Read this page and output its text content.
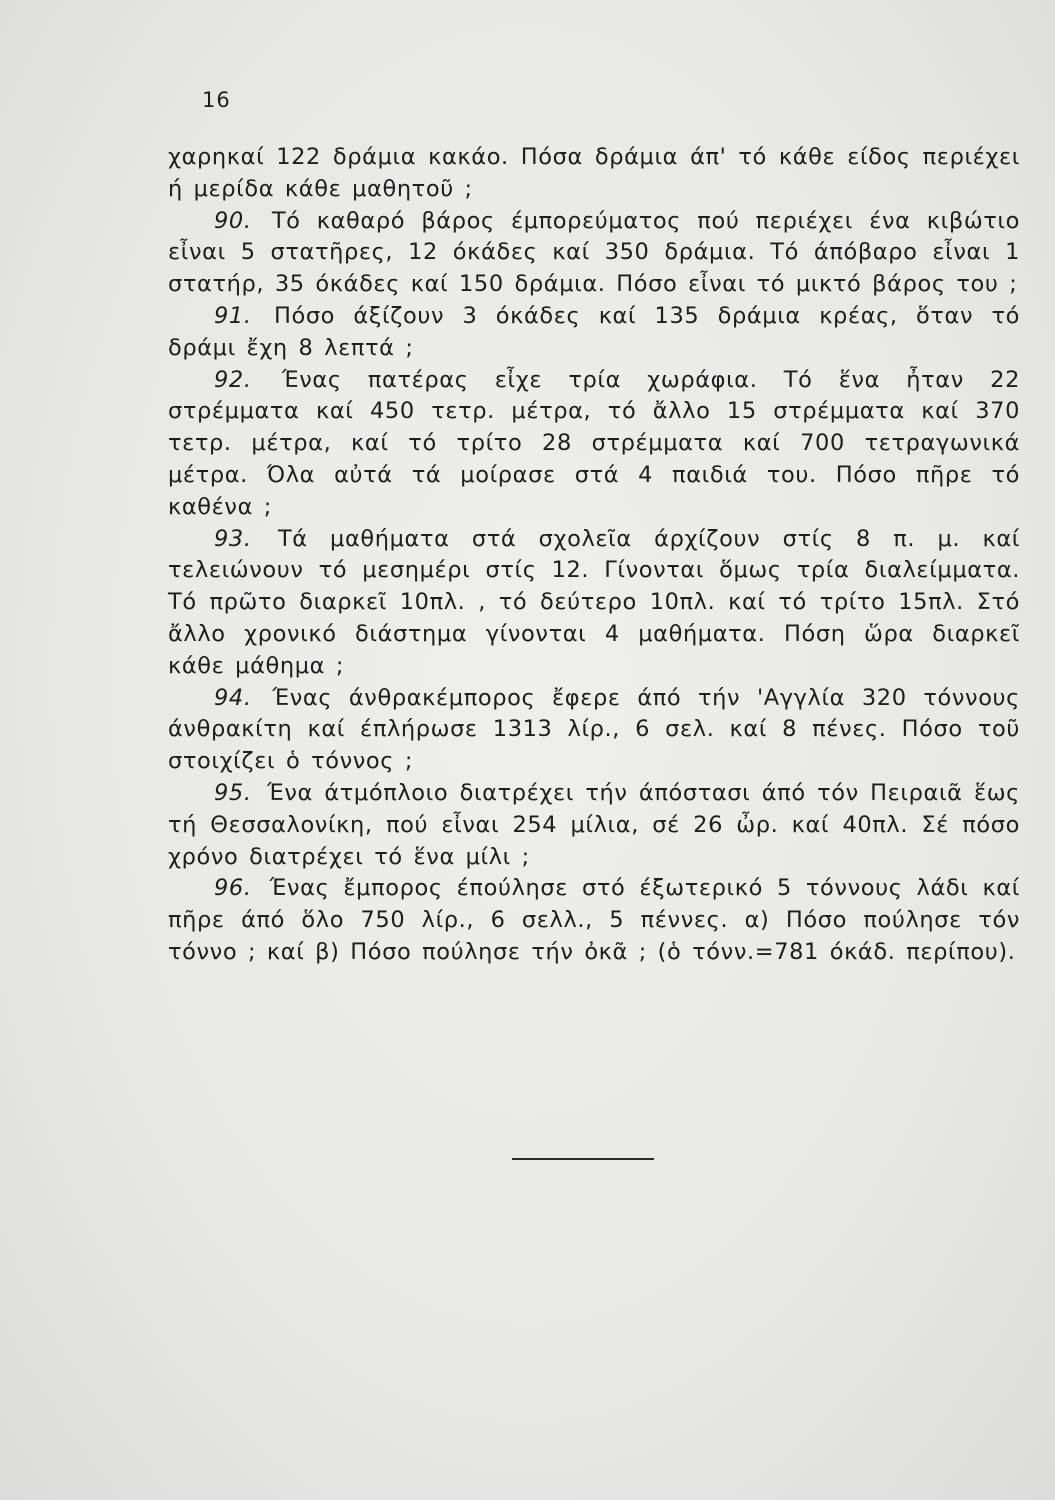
16

χαρηκαί 122 δράμια κακάο. Πόσα δράμια άπ' τό κάθε είδος περιέχει ή μερίδα κάθε μαθητοῦ ;

90. Τό καθαρό βάρος έμπορεύματος πού περιέχει ένα κιβώτιο εἶναι 5 στατῆρες, 12 όκάδες καί 350 δράμια. Τό άπόβαρο εἶναι 1 στατήρ, 35 όκάδες καί 150 δράμια. Πόσο εἶναι τό μικτό βάρος του ;

91. Πόσο άξίζουν 3 όκάδες καί 135 δράμια κρέας, ὅταν τό δράμι ἔχη 8 λεπτά ;

92. Ένας πατέρας εἶχε τρία χωράφια. Τό ἕνα ἦταν 22 στρέμματα καί 450 τετρ. μέτρα, τό ἄλλο 15 στρέμματα καί 370 τετρ. μέτρα, καί τό τρίτο 28 στρέμματα καί 700 τετραγωνικά μέτρα. Όλα αὐτά τά μοίρασε στά 4 παιδιά του. Πόσο πῆρε τό καθένα ;

93. Τά μαθήματα στά σχολεῖα άρχίζουν στίς 8 π. μ. καί τελειώνουν τό μεσημέρι στίς 12. Γίνονται ὅμως τρία διαλείμματα. Τό πρῶτο διαρκεῖ 10πλ. , τό δεύτερο 10πλ. καί τό τρίτο 15πλ. Στό ἄλλο χρονικό διάστημα γίνονται 4 μαθήματα. Πόση ὥρα διαρκεῖ κάθε μάθημα ;

94. Ένας άνθρακέμπορος ἔφερε άπό τήν 'Αγγλία 320 τόννους άνθρακίτη καί έπλήρωσε 1313 λίρ., 6 σελ. καί 8 πένες. Πόσο τοῦ στοιχίζει ὁ τόννος ;

95. Ένα άτμόπλοιο διατρέχει τήν άπόστασι άπό τόν Πειραιᾶ ἕως τή Θεσσαλονίκη, πού εἶναι 254 μίλια, σέ 26 ὦρ. καί 40πλ. Σέ πόσο χρόνο διατρέχει τό ἕνα μίλι ;

96. Ένας ἔμπορος έπούλησε στό έξωτερικό 5 τόννους λάδι καί πῆρε άπό ὅλο 750 λίρ., 6 σελλ., 5 πέννες. α) Πόσο πούλησε τόν τόννο ; καί β) Πόσο πούλησε τήν ὀκᾶ ; (ὁ τόνν.=781 όκάδ. περίπου).
